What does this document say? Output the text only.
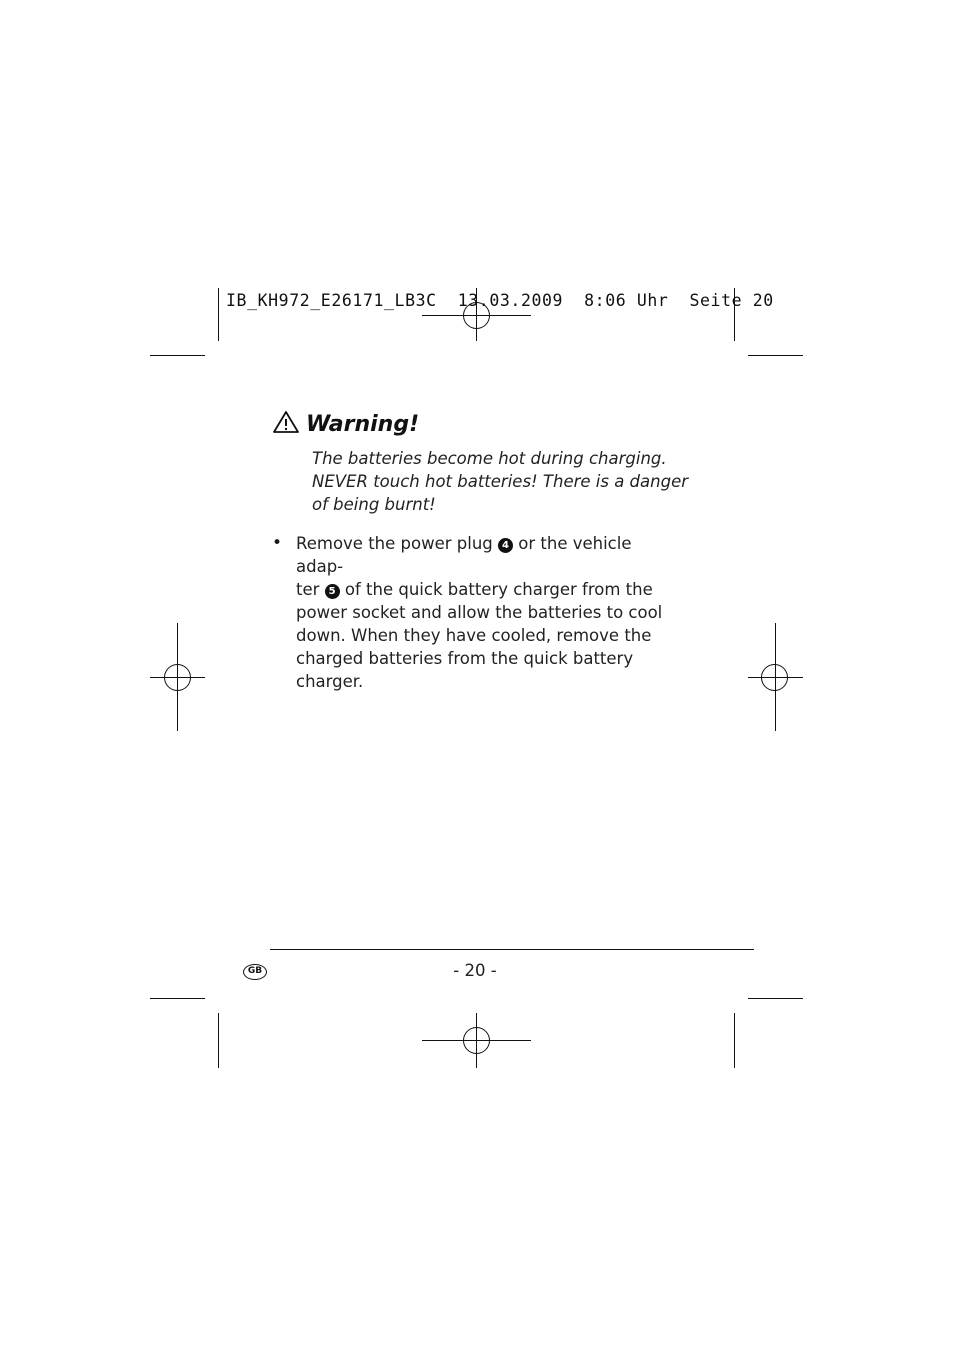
IB_KH972_E26171_LB3C  13.03.2009  8:06 Uhr  Seite 20
Warning!
The batteries become hot during charging.
NEVER touch hot batteries! There is a danger
of being burnt!
• Remove the power plug 4 or the vehicle adap-
ter 5 of the quick battery charger from the
power socket and allow the batteries to cool
down. When they have cooled, remove the
charged batteries from the quick battery
charger.
GB	- 20 -
